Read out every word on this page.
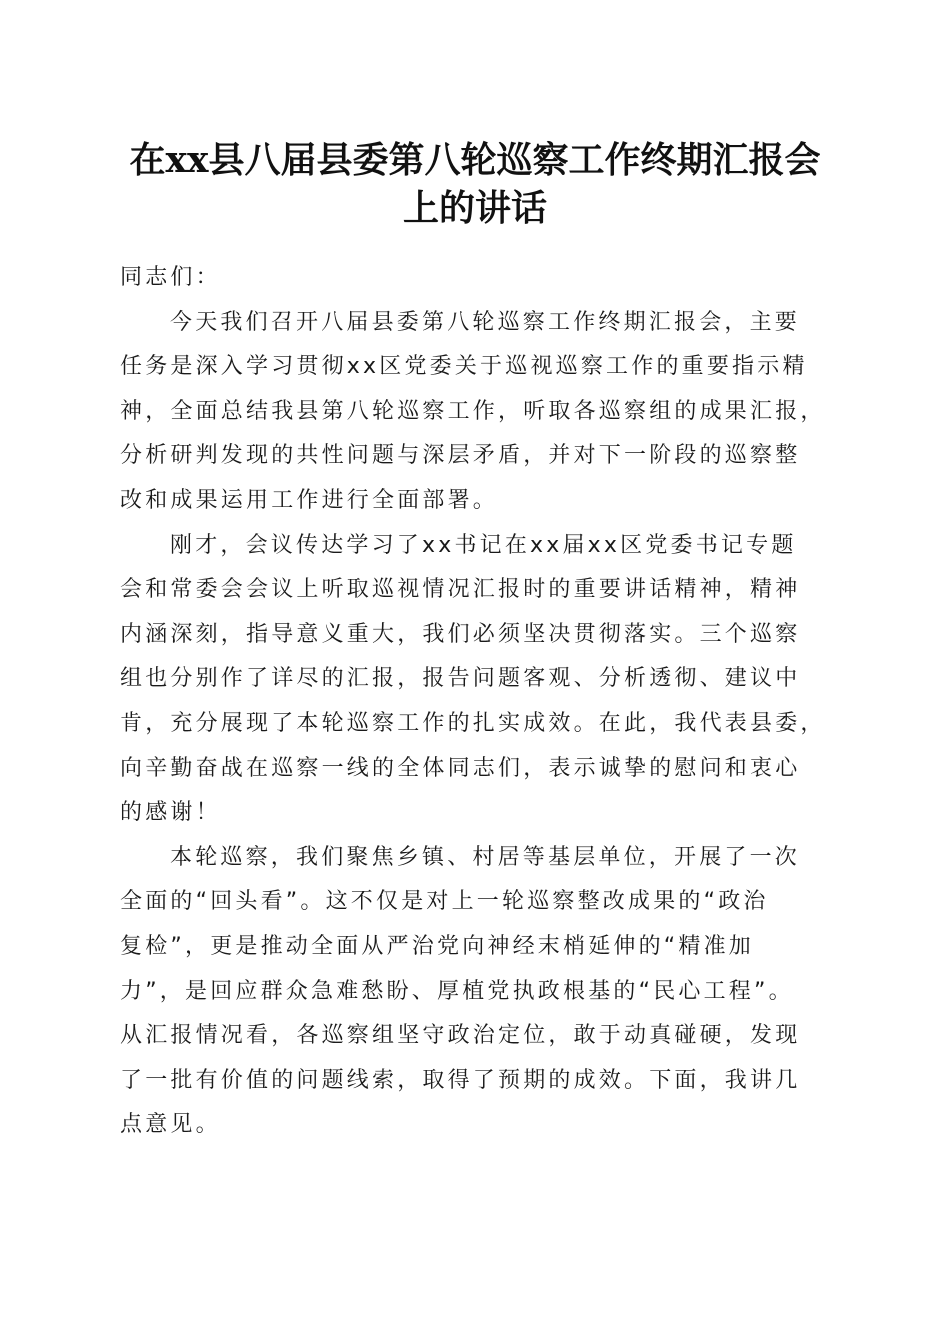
在xx县八届县委第八轮巡察工作终期汇报会
上的讲话

同志们：

今天我们召开八届县委第八轮巡察工作终期汇报会，主要
任务是深入学习贯彻xx区党委关于巡视巡察工作的重要指示精
神，全面总结我县第八轮巡察工作，听取各巡察组的成果汇报，
分析研判发现的共性问题与深层矛盾，并对下一阶段的巡察整
改和成果运用工作进行全面部署。

刚才，会议传达学习了xx书记在xx届xx区党委书记专题
会和常委会会议上听取巡视情况汇报时的重要讲话精神，精神
内涵深刻，指导意义重大，我们必须坚决贯彻落实。三个巡察
组也分别作了详尽的汇报，报告问题客观、分析透彻、建议中
肯，充分展现了本轮巡察工作的扎实成效。在此，我代表县委，
向辛勤奋战在巡察一线的全体同志们，表示诚挚的慰问和衷心
的感谢！

本轮巡察，我们聚焦乡镇、村居等基层单位，开展了一次
全面的“回头看”。这不仅是对上一轮巡察整改成果的“政治
复检”，更是推动全面从严治党向神经末梢延伸的“精准加
力”，是回应群众急难愁盼、厚植党执政根基的“民心工程”。
从汇报情况看，各巡察组坚守政治定位，敢于动真碰硬，发现
了一批有价值的问题线索，取得了预期的成效。下面，我讲几
点意见。
